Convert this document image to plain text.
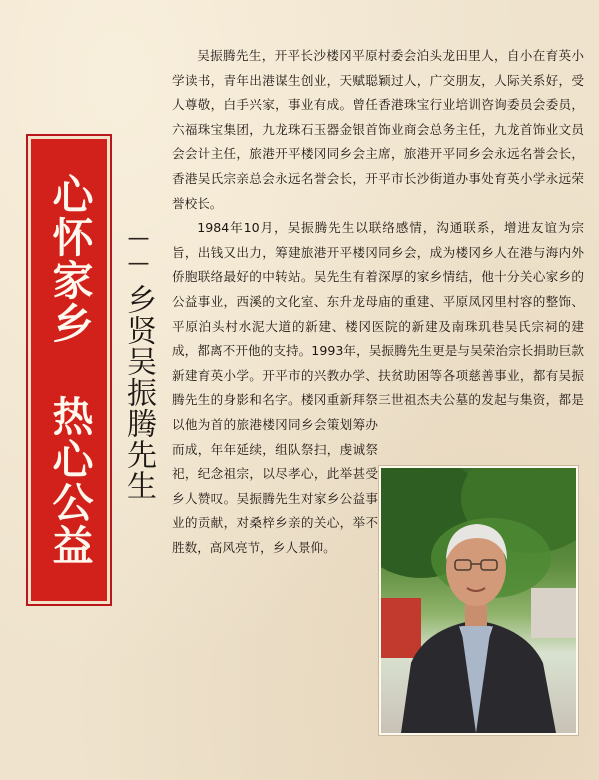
心怀家乡 热心公益 ——
乡贤吴振腾先生

吴振腾先生，开平长沙楼冈平原村委会泊头龙田里人，自小在育英小学读书，青年出港谋生创业，天赋聪颖过人，广交朋友，人际关系好，受人尊敬，白手兴家，事业有成。曾任香港珠宝行业培训咨询委员会委员，六福珠宝集团，九龙珠石玉器金银首饰业商会总务主任，九龙首饰业文员会会计主任，旅港开平楼冈同乡会主席，旅港开平同乡会永远名誉会长，香港吴氏宗亲总会永远名誉会长，开平市长沙街道办事处育英小学永远荣誉校长。

1984年10月，吴振腾先生以联络感情，沟通联系，增进友谊为宗旨，出钱又出力，筹建旅港开平楼冈同乡会，成为楼冈乡人在港与海内外侨胞联络最好的中转站。吴先生有着深厚的家乡情结，他十分关心家乡的公益事业，西溪的文化室、东升龙母庙的重建、平原凤冈里村容的整饰、平原泊头村水泥大道的新建、楼冈医院的新建及南珠玑巷吴氏宗祠的建成，都离不开他的支持。1993年，吴振腾先生更是与吴荣治宗长捐助巨款新建育英小学。开平市的兴教办学、扶贫助困等各项慈善事业，都有吴振腾先生的身影和名字。楼冈重新拜祭三世祖杰夫公墓的发起与集资，都是以他为首的旅港楼冈同乡会策划筹办而成，年年延续，组队祭扫，虔诚祭祀，纪念祖宗，以尽孝心，此举甚受乡人赞叹。吴振腾先生对家乡公益事业的贡献，对桑梓乡亲的关心，举不胜数，高风亮节，乡人景仰。
